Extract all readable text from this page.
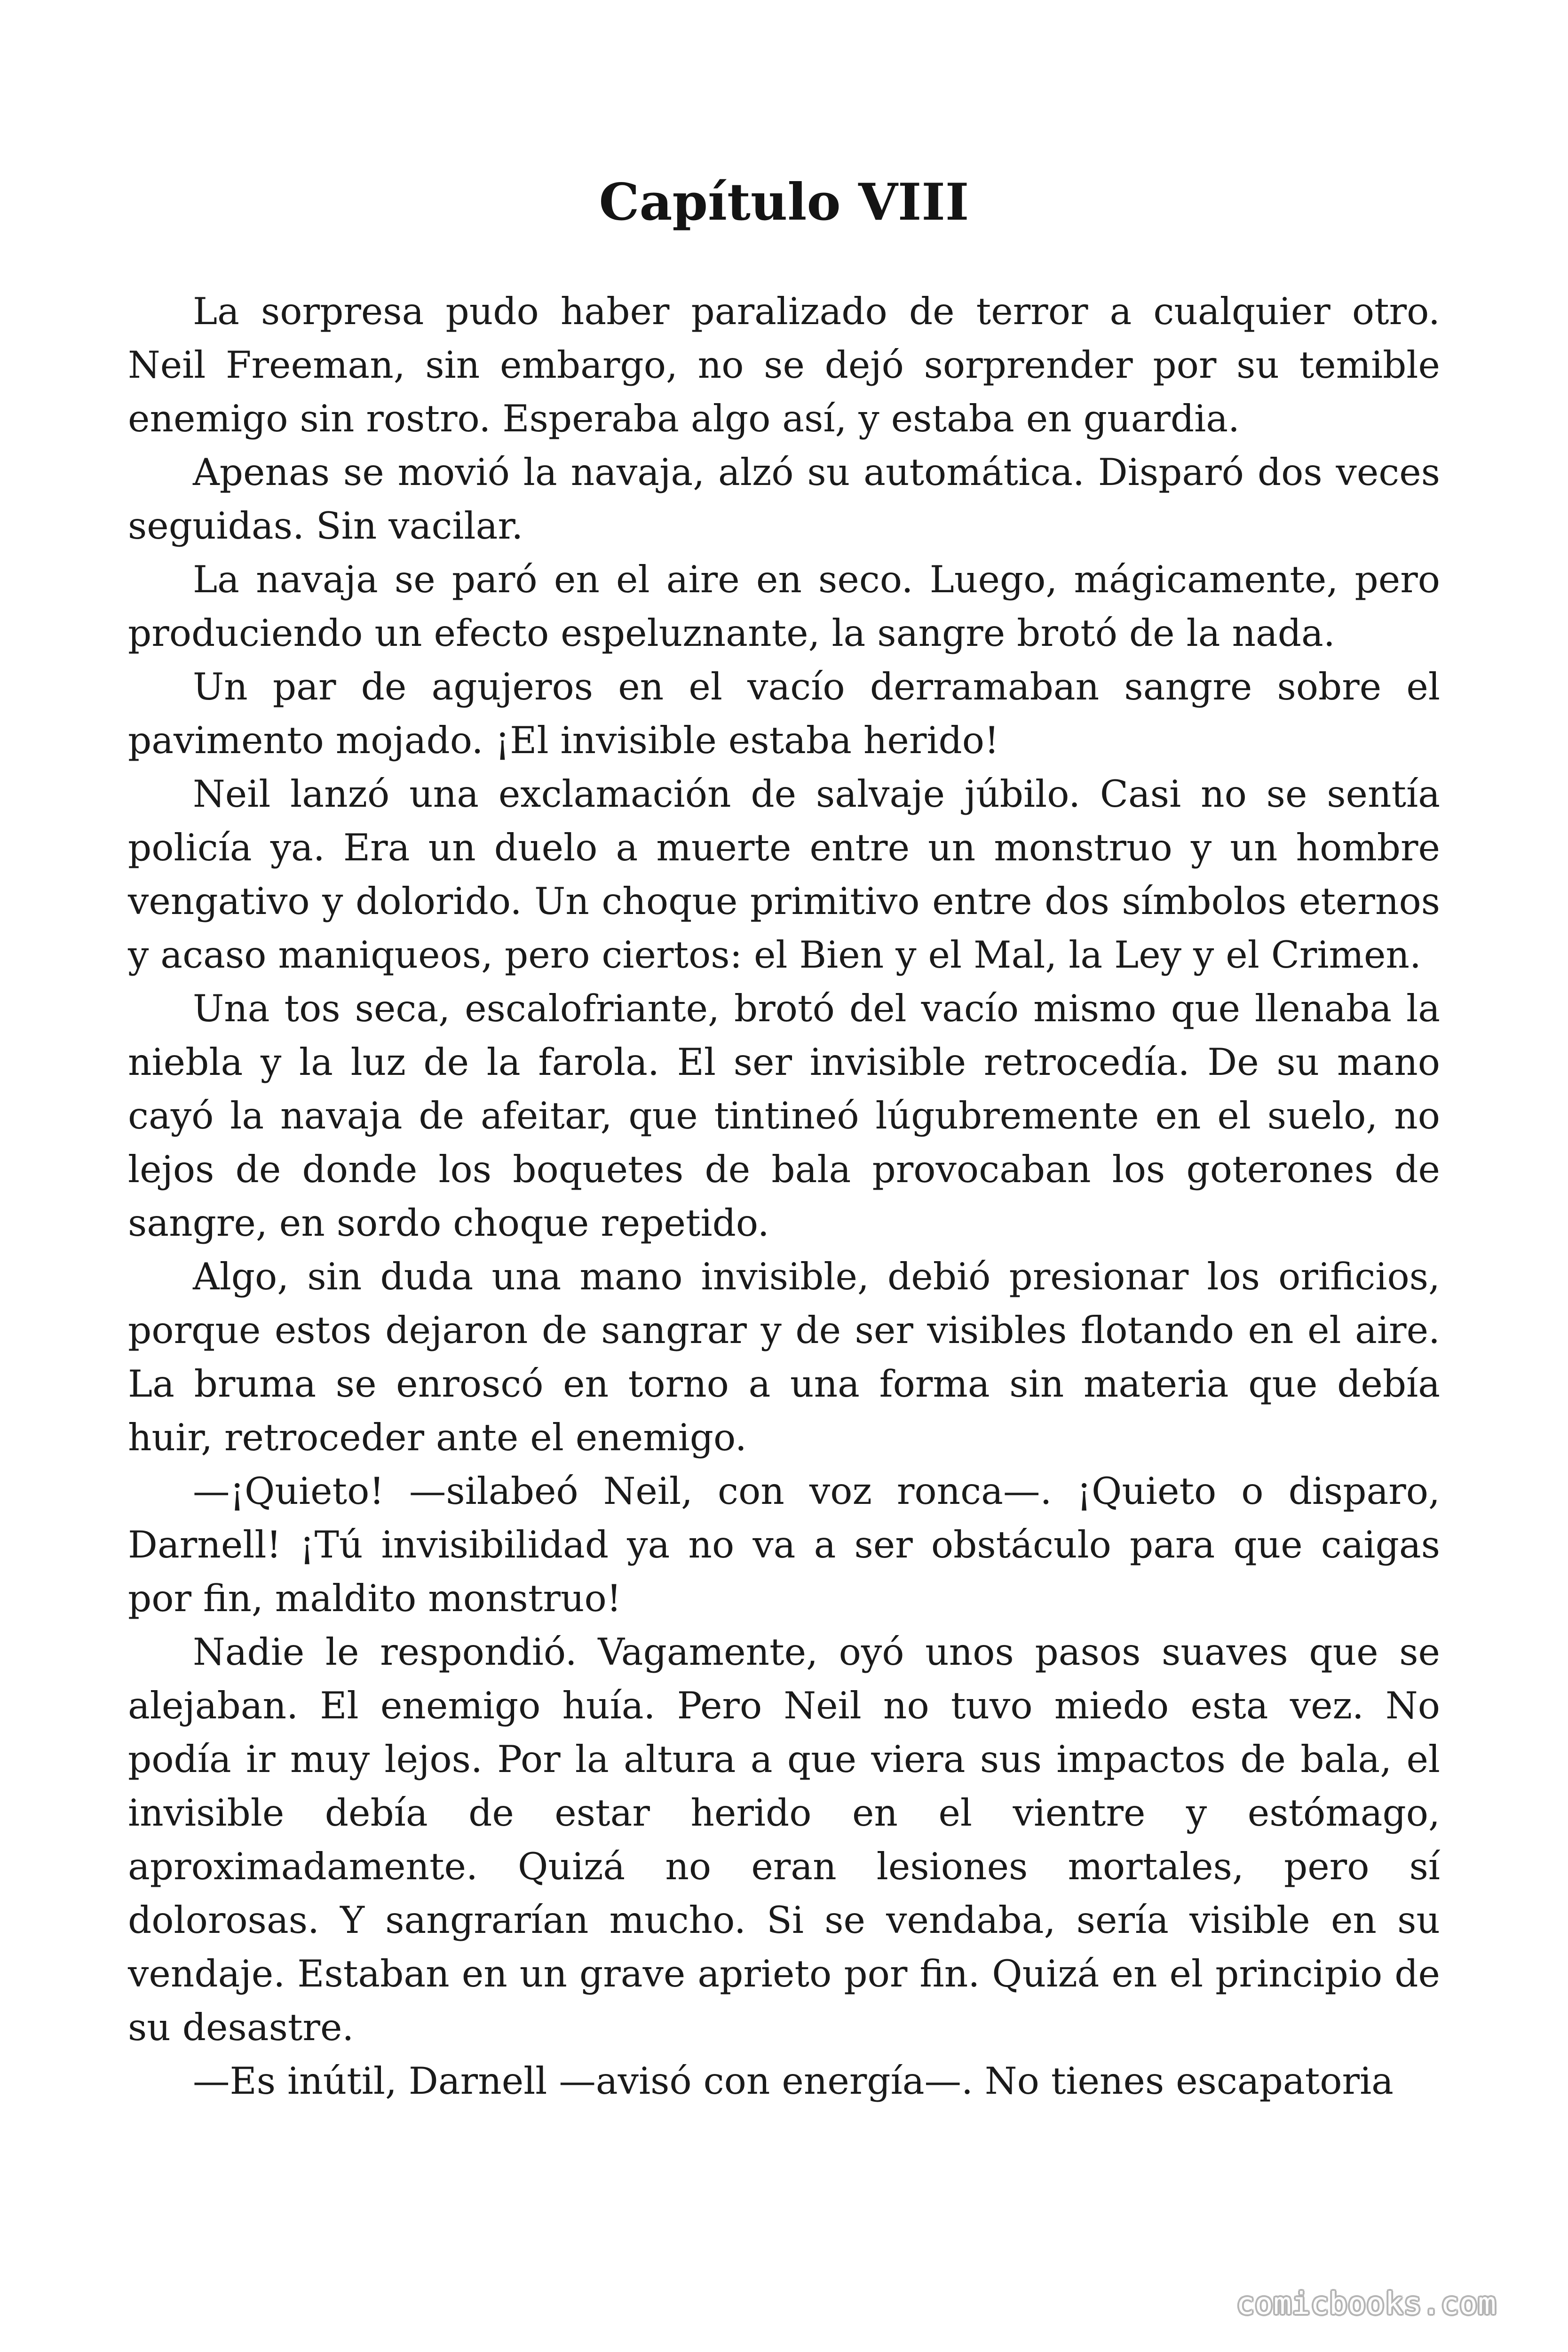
Capítulo VIII

La sorpresa pudo haber paralizado de terror a cualquier otro. Neil Freeman, sin embargo, no se dejó sorprender por su temible enemigo sin rostro. Esperaba algo así, y estaba en guardia.

Apenas se movió la navaja, alzó su automática. Disparó dos veces seguidas. Sin vacilar.

La navaja se paró en el aire en seco. Luego, mágicamente, pero produciendo un efecto espeluznante, la sangre brotó de la nada.

Un par de agujeros en el vacío derramaban sangre sobre el pavimento mojado. ¡El invisible estaba herido!

Neil lanzó una exclamación de salvaje júbilo. Casi no se sentía policía ya. Era un duelo a muerte entre un monstruo y un hombre vengativo y dolorido. Un choque primitivo entre dos símbolos eternos y acaso maniqueos, pero ciertos: el Bien y el Mal, la Ley y el Crimen.

Una tos seca, escalofriante, brotó del vacío mismo que llenaba la niebla y la luz de la farola. El ser invisible retrocedía. De su mano cayó la navaja de afeitar, que tintineó lúgubremente en el suelo, no lejos de donde los boquetes de bala provocaban los goterones de sangre, en sordo choque repetido.

Algo, sin duda una mano invisible, debió presionar los orificios, porque estos dejaron de sangrar y de ser visibles flotando en el aire. La bruma se enroscó en torno a una forma sin materia que debía huir, retroceder ante el enemigo.

—¡Quieto! —silabeó Neil, con voz ronca—. ¡Quieto o disparo, Darnell! ¡Tú invisibilidad ya no va a ser obstáculo para que caigas por fin, maldito monstruo!

Nadie le respondió. Vagamente, oyó unos pasos suaves que se alejaban. El enemigo huía. Pero Neil no tuvo miedo esta vez. No podía ir muy lejos. Por la altura a que viera sus impactos de bala, el invisible debía de estar herido en el vientre y estómago, aproximadamente. Quizá no eran lesiones mortales, pero sí dolorosas. Y sangrarían mucho. Si se vendaba, sería visible en su vendaje. Estaban en un grave aprieto por fin. Quizá en el principio de su desastre.

—Es inútil, Darnell —avisó con energía—. No tienes escapatoria

comicbooks.com
